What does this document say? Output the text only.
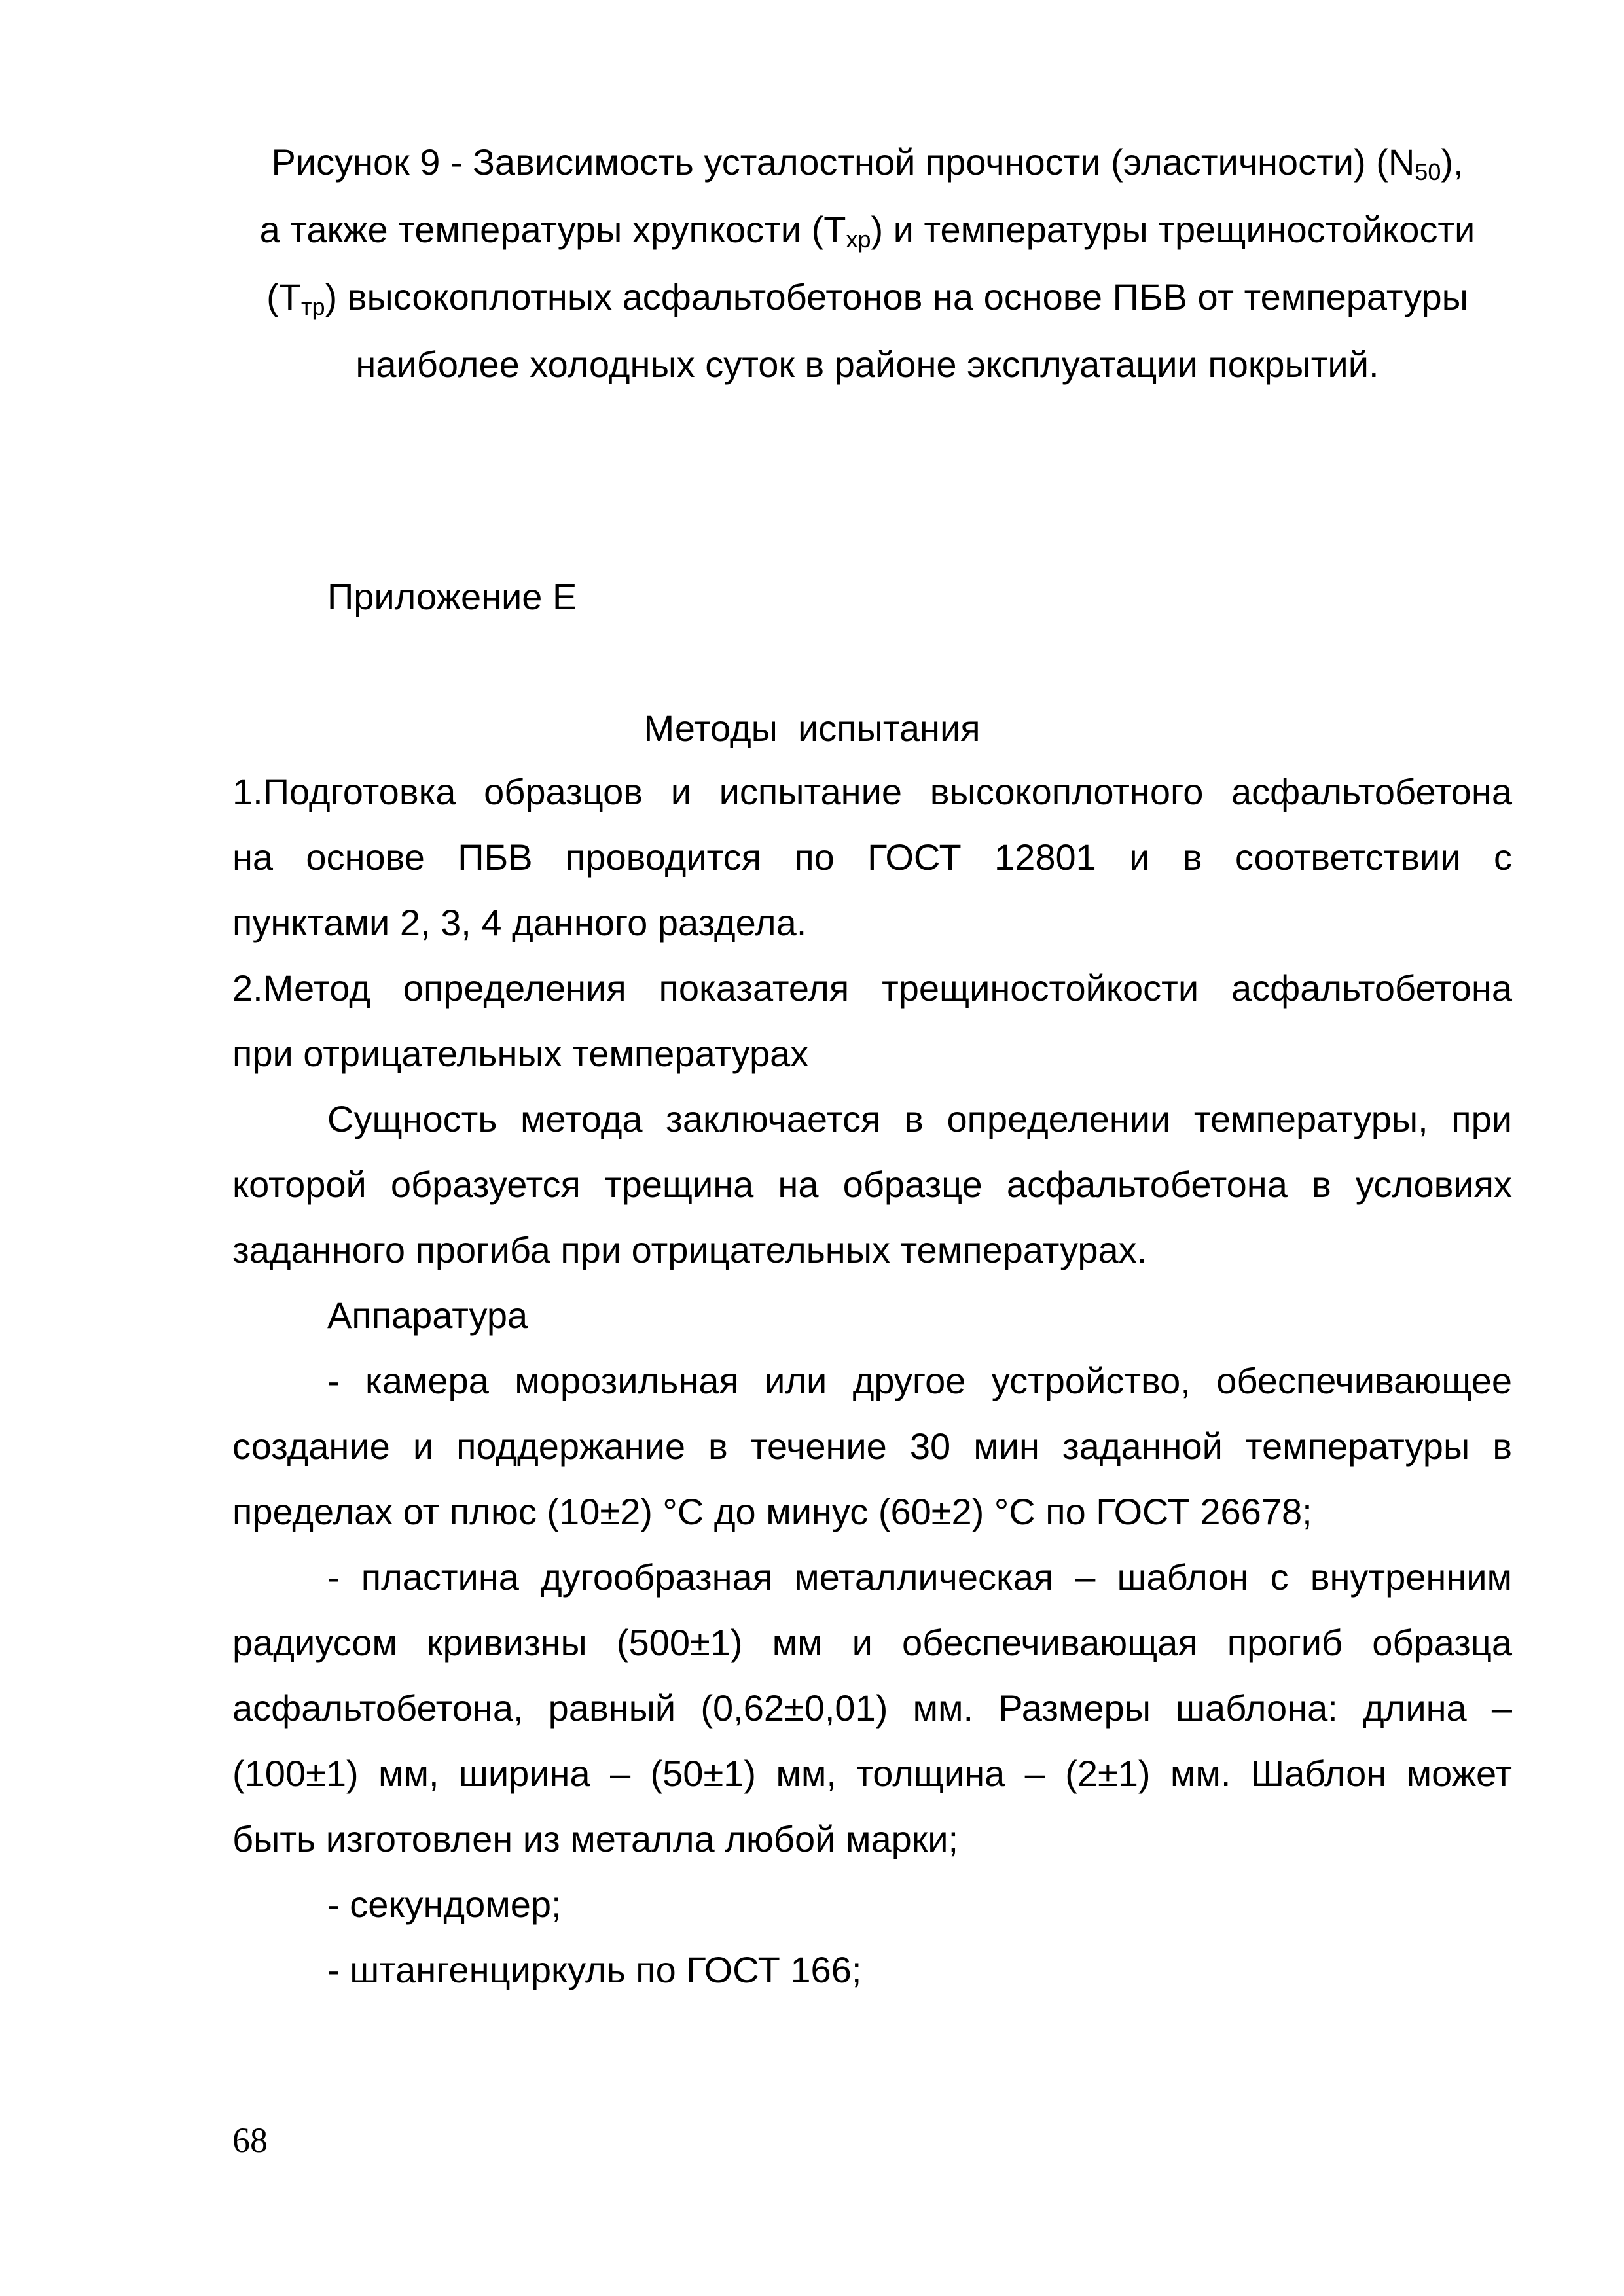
Рисунок 9 - Зависимость усталостной прочности (эластичности) $(N_{50})$,
а также температуры хрупкости $(Т_{хр})$ и температуры трещиностойкости
$(Т_{тр})$ высокоплотных асфальтобетонов на основе ПБВ от температуры
наиболее холодных суток в районе эксплуатации покрытий.
Приложение Е
Методы  испытания
1.Подготовка образцов и испытание высокоплотного асфальтобетона
на основе ПБВ проводится по ГОСТ 12801 и в соответствии с
пунктами 2, 3, 4 данного раздела.
2.Метод определения показателя трещиностойкости асфальтобетона
при отрицательных температурах
Сущность метода заключается в определении температуры, при
которой образуется трещина на образце асфальтобетона в условиях
заданного прогиба при отрицательных температурах.
Аппаратура
- камера морозильная или другое устройство, обеспечивающее
создание и поддержание в течение 30 мин заданной температуры в
пределах от плюс (10±2) °С до минус (60±2) °С по ГОСТ 26678;
- пластина дугообразная металлическая – шаблон с внутренним
радиусом кривизны (500±1) мм и обеспечивающая прогиб образца
асфальтобетона, равный (0,62±0,01) мм. Размеры шаблона: длина –
(100±1) мм, ширина – (50±1) мм, толщина – (2±1) мм. Шаблон может
быть изготовлен из металла любой марки;
- секундомер;
- штангенциркуль по ГОСТ 166;
68
